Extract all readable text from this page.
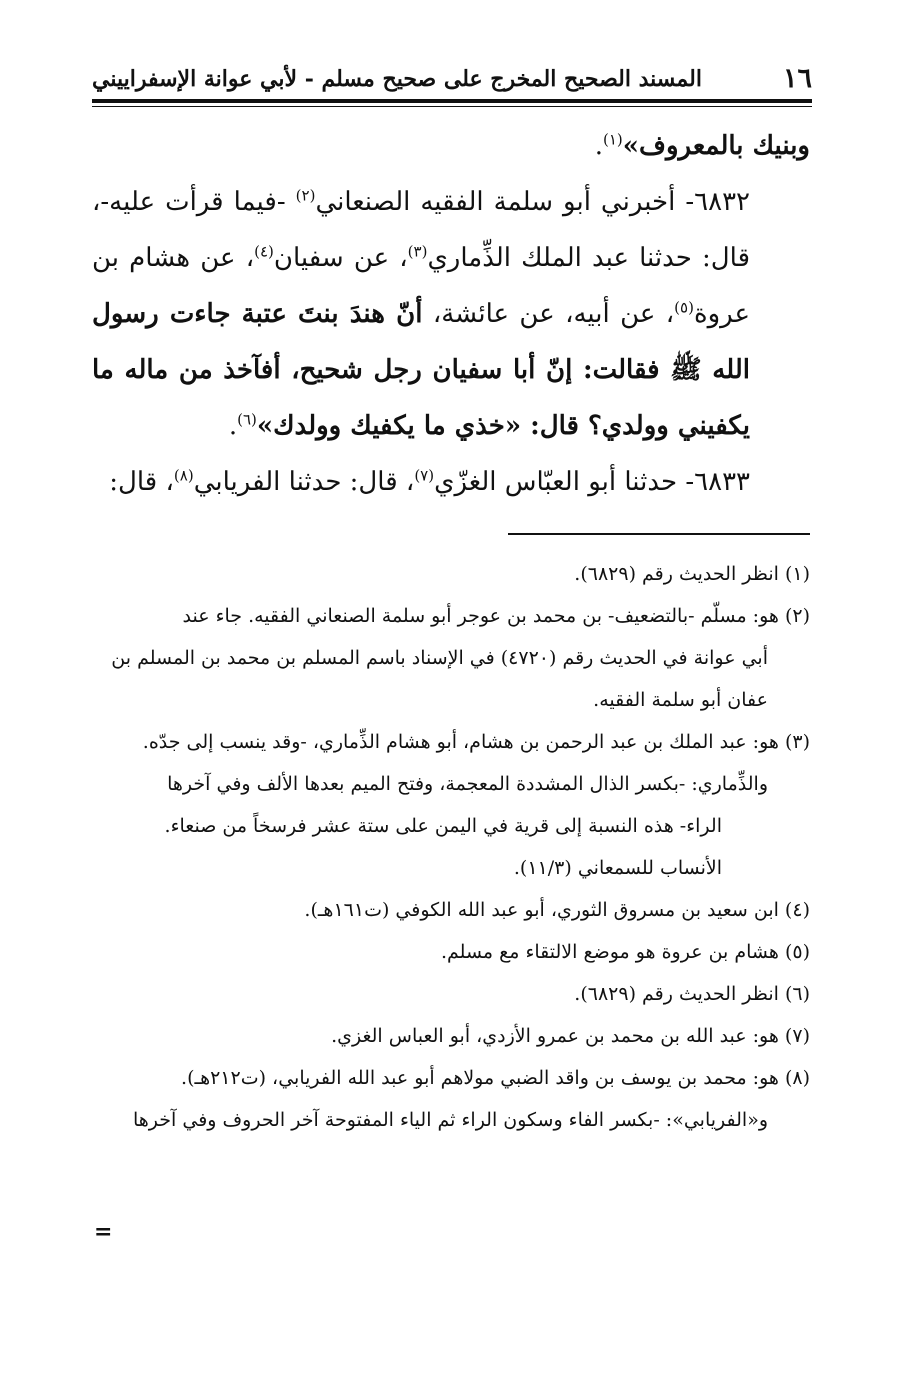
١٦
المسند الصحيح المخرج على صحيح مسلم - لأبي عوانة الإسفراييني

وبنيك بالمعروف»$^{(١)}$.

٦٨٣٢- أخبرني أبو سلمة الفقيه الصنعاني$^{(٢)}$ -فيما قرأت عليه-، قال: حدثنا عبد الملك الذِّماري$^{(٣)}$، عن سفيان$^{(٤)}$، عن هشام بن عروة$^{(٥)}$، عن أبيه، عن عائشة، أنّ هندَ بنتَ عتبة جاءت رسول الله ﷺ فقالت: إنّ أبا سفيان رجل شحيح، أفآخذ من ماله ما يكفيني وولدي؟ قال: «خذي ما يكفيك وولدك»$^{(٦)}$.

٦٨٣٣- حدثنا أبو العبّاس الغزّي$^{(٧)}$، قال: حدثنا الفريابي$^{(٨)}$، قال:

(١) انظر الحديث رقم (٦٨٢٩).

(٢) هو: مسلّم -بالتضعيف- بن محمد بن عوجر أبو سلمة الصنعاني الفقيه. جاء عند

أبي عوانة في الحديث رقم (٤٧٢٠) في الإسناد باسم المسلم بن محمد بن المسلم بن

عفان أبو سلمة الفقيه.

(٣) هو: عبد الملك بن عبد الرحمن بن هشام، أبو هشام الذِّماري، -وقد ينسب إلى جدّه.

والذِّماري: -بكسر الذال المشددة المعجمة، وفتح الميم بعدها الألف وفي آخرها

الراء- هذه النسبة إلى قرية في اليمن على ستة عشر فرسخاً من صنعاء.

الأنساب للسمعاني (١١/٣).

(٤) ابن سعيد بن مسروق الثوري، أبو عبد الله الكوفي (ت١٦١هـ).

(٥) هشام بن عروة هو موضع الالتقاء مع مسلم.

(٦) انظر الحديث رقم (٦٨٢٩).

(٧) هو: عبد الله بن محمد بن عمرو الأزدي، أبو العباس الغزي.

(٨) هو: محمد بن يوسف بن واقد الضبي مولاهم أبو عبد الله الفريابي، (ت٢١٢هـ).

و«الفريابي»: -بكسر الفاء وسكون الراء ثم الياء المفتوحة آخر الحروف وفي آخرها

=
